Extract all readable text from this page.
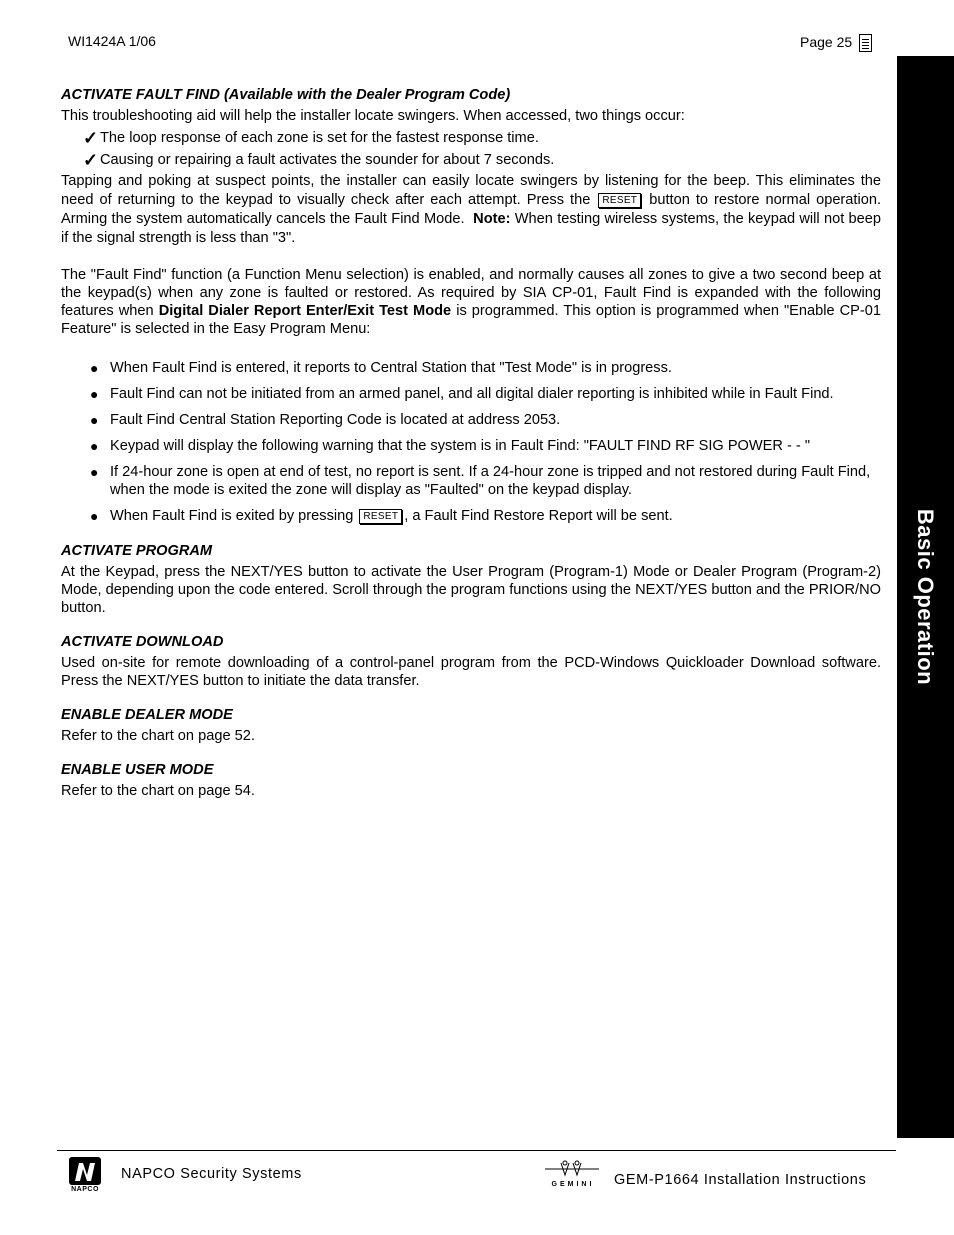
WI1424A 1/06	Page 25
Basic Operation
ACTIVATE FAULT FIND (Available with the Dealer Program Code)

This troubleshooting aid will help the installer locate swingers. When accessed, two things occur:

✓ The loop response of each zone is set for the fastest response time.
✓ Causing or repairing a fault activates the sounder for about 7 seconds.

Tapping and poking at suspect points, the installer can easily locate swingers by listening for the beep. This eliminates the need of returning to the keypad to visually check after each attempt. Press the RESET button to restore normal operation. Arming the system automatically cancels the Fault Find Mode. Note: When testing wireless systems, the keypad will not beep if the signal strength is less than "3".

The "Fault Find" function (a Function Menu selection) is enabled, and normally causes all zones to give a two second beep at the keypad(s) when any zone is faulted or restored. As required by SIA CP-01, Fault Find is expanded with the following features when Digital Dialer Report Enter/Exit Test Mode is programmed. This option is programmed when "Enable CP-01 Feature" is selected in the Easy Program Menu:

● When Fault Find is entered, it reports to Central Station that "Test Mode" is in progress.
● Fault Find can not be initiated from an armed panel, and all digital dialer reporting is inhibited while in Fault Find.
● Fault Find Central Station Reporting Code is located at address 2053.
● Keypad will display the following warning that the system is in Fault Find: "FAULT FIND RF SIG POWER - - "
● If 24-hour zone is open at end of test, no report is sent. If a 24-hour zone is tripped and not restored during Fault Find, when the mode is exited the zone will display as "Faulted" on the keypad display.
● When Fault Find is exited by pressing RESET , a Fault Find Restore Report will be sent.
ACTIVATE PROGRAM

At the Keypad, press the NEXT/YES button to activate the User Program (Program-1) Mode or Dealer Program (Program-2) Mode, depending upon the code entered. Scroll through the program functions using the NEXT/YES button and the PRIOR/NO button.

ACTIVATE DOWNLOAD

Used on-site for remote downloading of a control-panel program from the PCD-Windows Quickloader Download software. Press the NEXT/YES button to initiate the data transfer.

ENABLE DEALER MODE

Refer to the chart on page 52.

ENABLE USER MODE

Refer to the chart on page 54.

NAPCO
NAPCO Security Systems
GEMINI GEM-P1664 Installation Instructions
